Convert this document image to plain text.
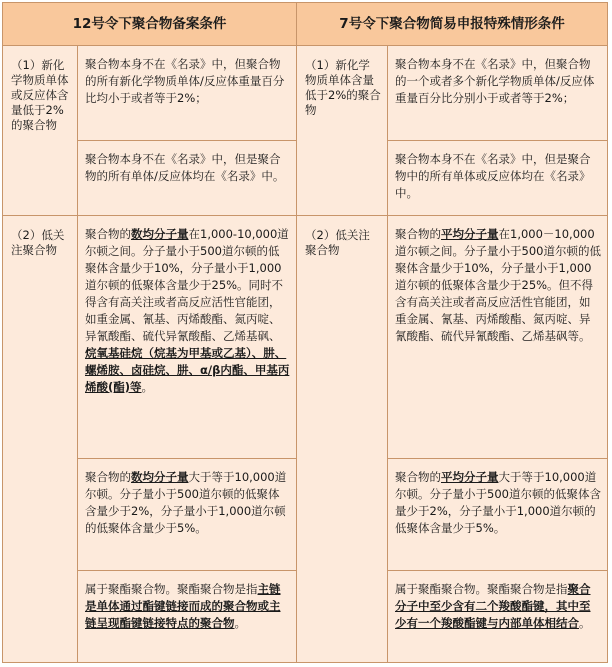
12号令下聚合物备案条件	7号令下聚合物简易申报特殊情形条件
（1）新化学物质单体或反应体含量低于2%的聚合物
聚合物本身不在《名录》中，但聚合物的所有新化学物质单体/反应体重量百分比均小于或者等于2%；
聚合物本身不在《名录》中，但是聚合物的所有单体/反应体均在《名录》中。
（1）新化学物质单体含量低于2%的聚合物
聚合物本身不在《名录》中，但聚合物的一个或者多个新化学物质单体/反应体重量百分比分别小于或者等于2%；
聚合物本身不在《名录》中，但是聚合物中的所有单体或反应体均在《名录》中。
（2）低关注聚合物
（2）低关注聚合物
聚合物的数均分子量在1,000-10,000道尔顿之间。分子量小于500道尔顿的低聚体含量少于10%，分子量小于1,000道尔顿的低聚体含量少于25%。同时不得含有高关注或者高反应活性官能团，如重金属、氰基、丙烯酸酯、氮丙啶、异氰酸酯、硫代异氰酸酯、乙烯基砜、烷氧基硅烷（烷基为甲基或乙基）、肼、螺烯胺、卤硅烷、肼、α/β内酯、甲基丙烯酸(酯)等。
聚合物的数均分子量大于等于10,000道尔顿。分子量小于500道尔顿的低聚体含量少于2%，分子量小于1,000道尔顿的低聚体含量少于5%。
属于聚酯聚合物。聚酯聚合物是指主链是单体通过酯键链接而成的聚合物或主链呈现酯键链接特点的聚合物。
聚合物的平均分子量在1,000－10,000道尔顿之间。分子量小于500道尔顿的低聚体含量少于10%，分子量小于1,000道尔顿的低聚体含量少于25%。但不得含有高关注或者高反应活性官能团，如重金属、氰基、丙烯酸酯、氮丙啶、异氰酸酯、硫代异氰酸酯、乙烯基砜等。
聚合物的平均分子量大于等于10,000道尔顿。分子量小于500道尔顿的低聚体含量少于2%，分子量小于1,000道尔顿的低聚体含量少于5%。
属于聚酯聚合物。聚酯聚合物是指聚合分子中至少含有二个羧酸酯键，其中至少有一个羧酸酯键与内部单体相结合。
